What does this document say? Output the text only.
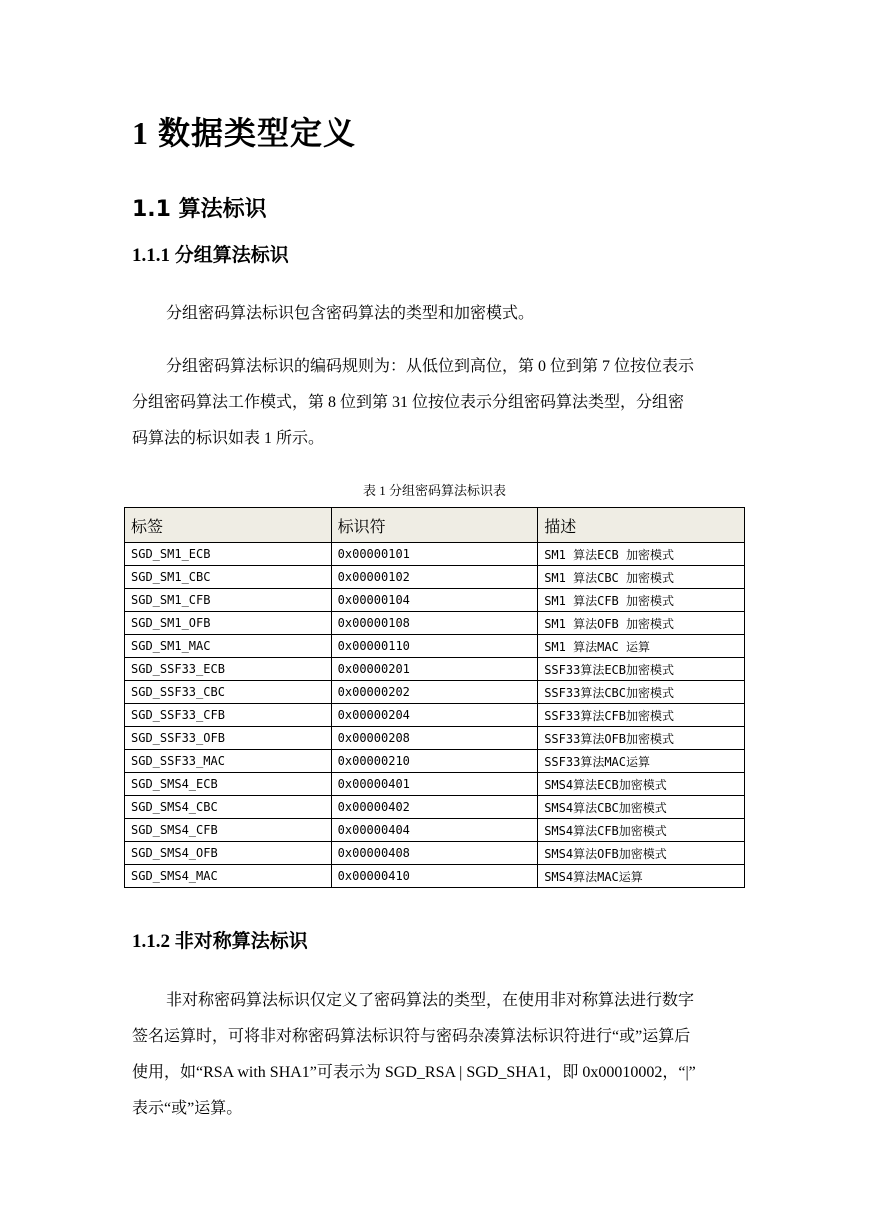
1 数据类型定义
1.1 算法标识
1.1.1 分组算法标识
分组密码算法标识包含密码算法的类型和加密模式。
分组密码算法标识的编码规则为：从低位到高位，第 0 位到第 7 位按位表示
分组密码算法工作模式，第 8 位到第 31 位按位表示分组密码算法类型，分组密
码算法的标识如表 1 所示。
表 1 分组密码算法标识表
标签	标识符	描述
SGD_SM1_ECB	0x00000101	SM1 算法ECB 加密模式
SGD_SM1_CBC	0x00000102	SM1 算法CBC 加密模式
SGD_SM1_CFB	0x00000104	SM1 算法CFB 加密模式
SGD_SM1_OFB	0x00000108	SM1 算法OFB 加密模式
SGD_SM1_MAC	0x00000110	SM1 算法MAC 运算
SGD_SSF33_ECB	0x00000201	SSF33算法ECB加密模式
SGD_SSF33_CBC	0x00000202	SSF33算法CBC加密模式
SGD_SSF33_CFB	0x00000204	SSF33算法CFB加密模式
SGD_SSF33_OFB	0x00000208	SSF33算法OFB加密模式
SGD_SSF33_MAC	0x00000210	SSF33算法MAC运算
SGD_SMS4_ECB	0x00000401	SMS4算法ECB加密模式
SGD_SMS4_CBC	0x00000402	SMS4算法CBC加密模式
SGD_SMS4_CFB	0x00000404	SMS4算法CFB加密模式
SGD_SMS4_OFB	0x00000408	SMS4算法OFB加密模式
SGD_SMS4_MAC	0x00000410	SMS4算法MAC运算
1.1.2 非对称算法标识
非对称密码算法标识仅定义了密码算法的类型，在使用非对称算法进行数字
签名运算时，可将非对称密码算法标识符与密码杂凑算法标识符进行“或”运算后
使用，如“RSA with SHA1”可表示为 SGD_RSA | SGD_SHA1，即 0x00010002，“|”
表示“或”运算。
